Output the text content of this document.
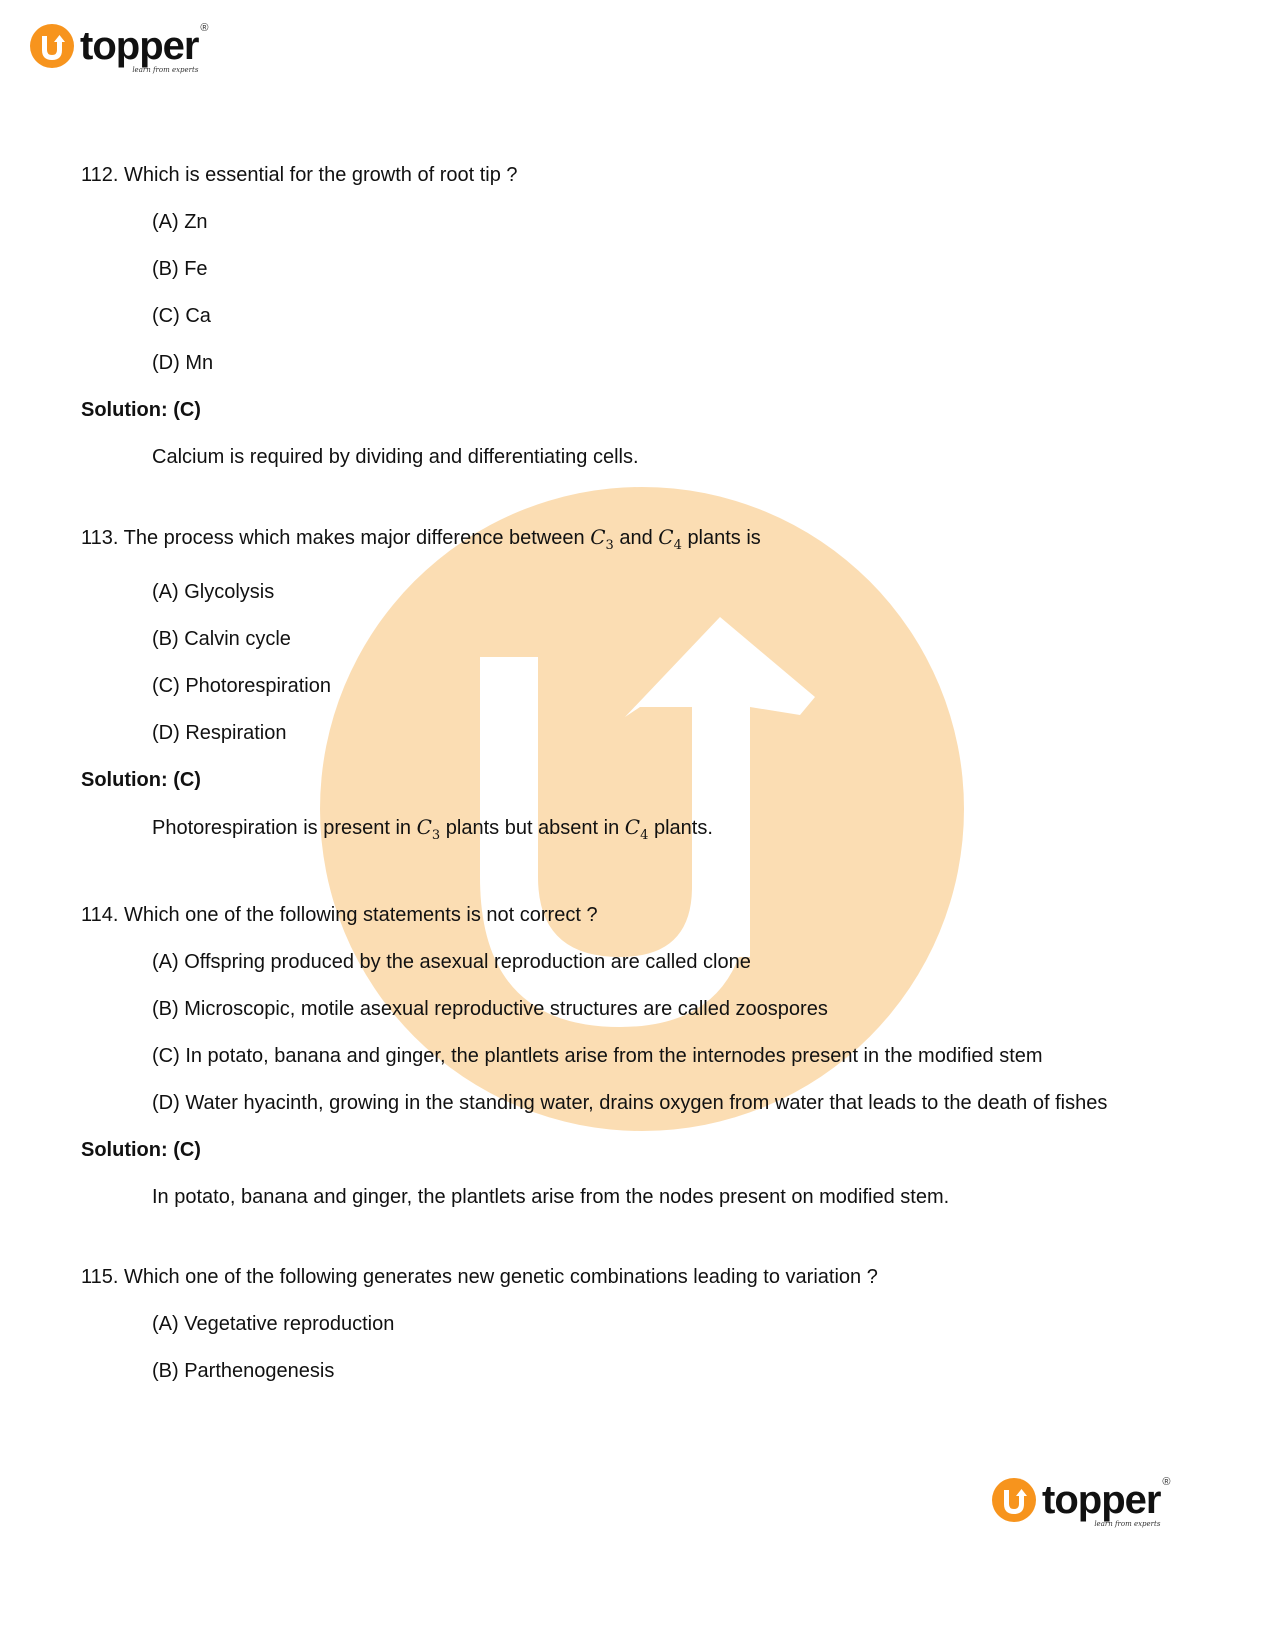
topper ®
learn from experts
topper ®
learn from experts

112. Which is essential for the growth of root tip ?

(A) Zn

(B) Fe

(C) Ca

(D) Mn

Solution: (C)

Calcium is required by dividing and differentiating cells.

113. The process which makes major difference between $C_3$ and $C_4$ plants is

(A) Glycolysis

(B) Calvin cycle

(C) Photorespiration

(D) Respiration

Solution: (C)

Photorespiration is present in $C_3$ plants but absent in $C_4$ plants.

114. Which one of the following statements is not correct ?

(A) Offspring produced by the asexual reproduction are called clone

(B) Microscopic, motile asexual reproductive structures are called zoospores

(C) In potato, banana and ginger, the plantlets arise from the internodes present in the modified stem

(D) Water hyacinth, growing in the standing water, drains oxygen from water that leads to the death of fishes

Solution: (C)

In potato, banana and ginger, the plantlets arise from the nodes present on modified stem.

115. Which one of the following generates new genetic combinations leading to variation ?

(A) Vegetative reproduction

(B) Parthenogenesis
